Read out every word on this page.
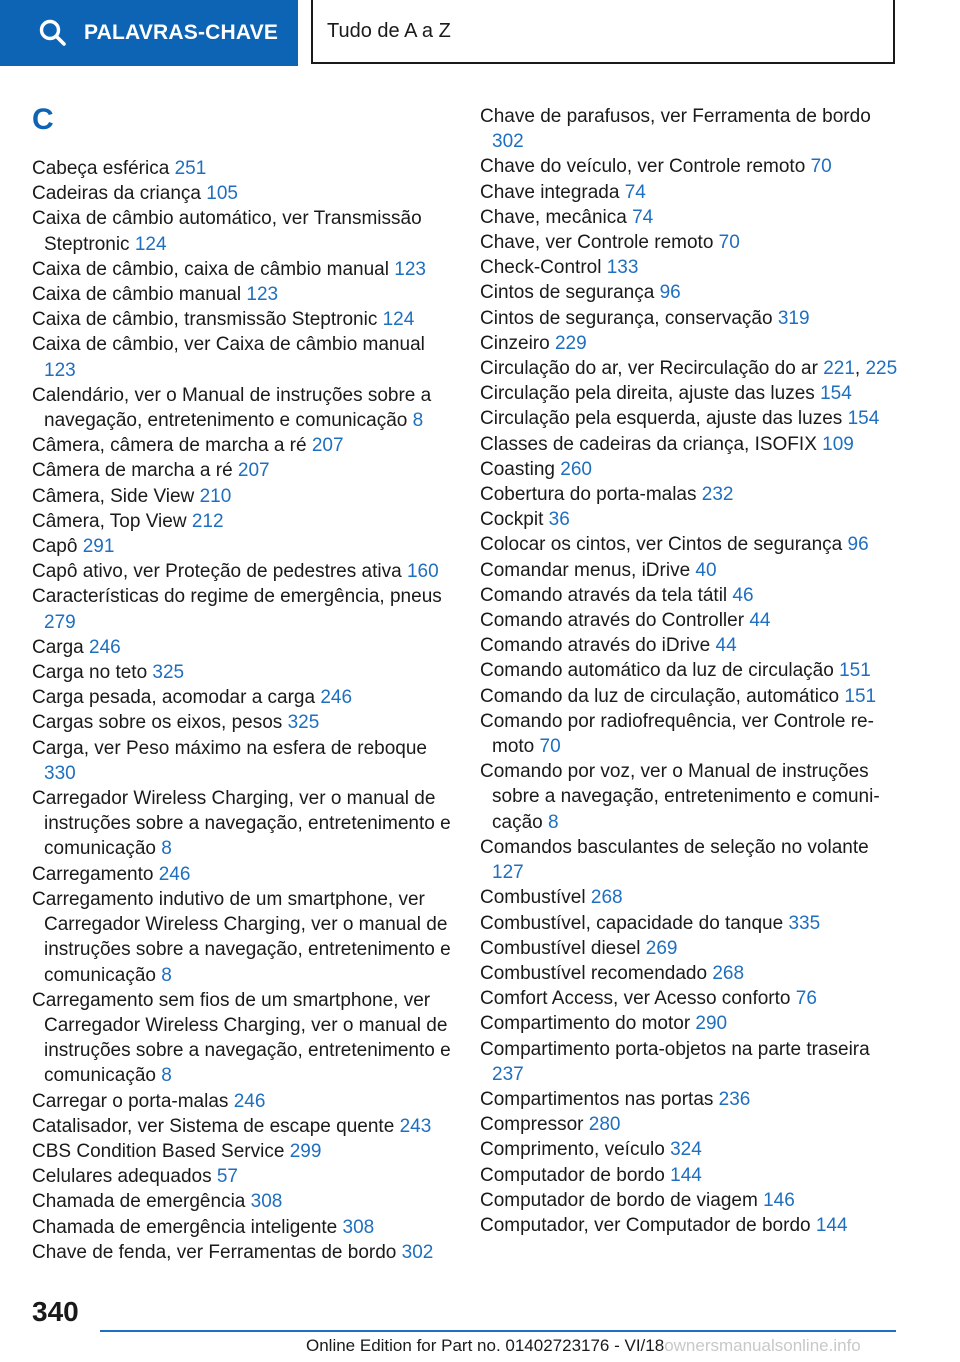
PALAVRAS-CHAVE Tudo de A a Z
C

Cabeça esférica 251

Cadeiras da criança 105

Caixa de câmbio automático, ver Transmissão Steptronic 124

Caixa de câmbio, caixa de câmbio manual 123

Caixa de câmbio manual 123

Caixa de câmbio, transmissão Steptronic 124

Caixa de câmbio, ver Caixa de câmbio manual 123

Calendário, ver o Manual de instruções sobre a navegação, entretenimento e comunicação 8

Câmera, câmera de marcha a ré 207

Câmera de marcha a ré 207

Câmera, Side View 210

Câmera, Top View 212

Capô 291

Capô ativo, ver Proteção de pedestres ativa 160

Características do regime de emergência, pneus 279

Carga 246

Carga no teto 325

Carga pesada, acomodar a carga 246

Cargas sobre os eixos, pesos 325

Carga, ver Peso máximo na esfera de reboque 330

Carregador Wireless Charging, ver o manual de instruções sobre a navegação, entretenimento e comunicação 8

Carregamento 246

Carregamento indutivo de um smartphone, ver Carregador Wireless Charging, ver o manual de instruções sobre a navegação, entretenimento e comunicação 8

Carregamento sem fios de um smartphone, ver Carregador Wireless Charging, ver o manual de instruções sobre a navegação, entretenimento e comunicação 8

Carregar o porta-malas 246

Catalisador, ver Sistema de escape quente 243

CBS Condition Based Service 299

Celulares adequados 57

Chamada de emergência 308

Chamada de emergência inteligente 308

Chave de fenda, ver Ferramentas de bordo 302

Chave de parafusos, ver Ferramenta de bordo 302

Chave do veículo, ver Controle remoto 70

Chave integrada 74

Chave, mecânica 74

Chave, ver Controle remoto 70

Check-Control 133

Cintos de segurança 96

Cintos de segurança, conservação 319

Cinzeiro 229

Circulação do ar, ver Recirculação do ar 221, 225

Circulação pela direita, ajuste das luzes 154

Circulação pela esquerda, ajuste das luzes 154

Classes de cadeiras da criança, ISOFIX 109

Coasting 260

Cobertura do porta-malas 232

Cockpit 36

Colocar os cintos, ver Cintos de segurança 96

Comandar menus, iDrive 40

Comando através da tela tátil 46

Comando através do Controller 44

Comando através do iDrive 44

Comando automático da luz de circulação 151

Comando da luz de circulação, automático 151

Comando por radiofrequência, ver Controle remoto 70

Comando por voz, ver o Manual de instruções sobre a navegação, entretenimento e comunicação 8

Comandos basculantes de seleção no volante 127

Combustível 268

Combustível, capacidade do tanque 335

Combustível diesel 269

Combustível recomendado 268

Comfort Access, ver Acesso conforto 76

Compartimento do motor 290

Compartimento porta-objetos na parte traseira 237

Compartimentos nas portas 236

Compressor 280

Comprimento, veículo 324

Computador de bordo 144

Computador de bordo de viagem 146

Computador, ver Computador de bordo 144

340
Online Edition for Part no. 01402723176 - VI/18ownersmanualsonline.info
